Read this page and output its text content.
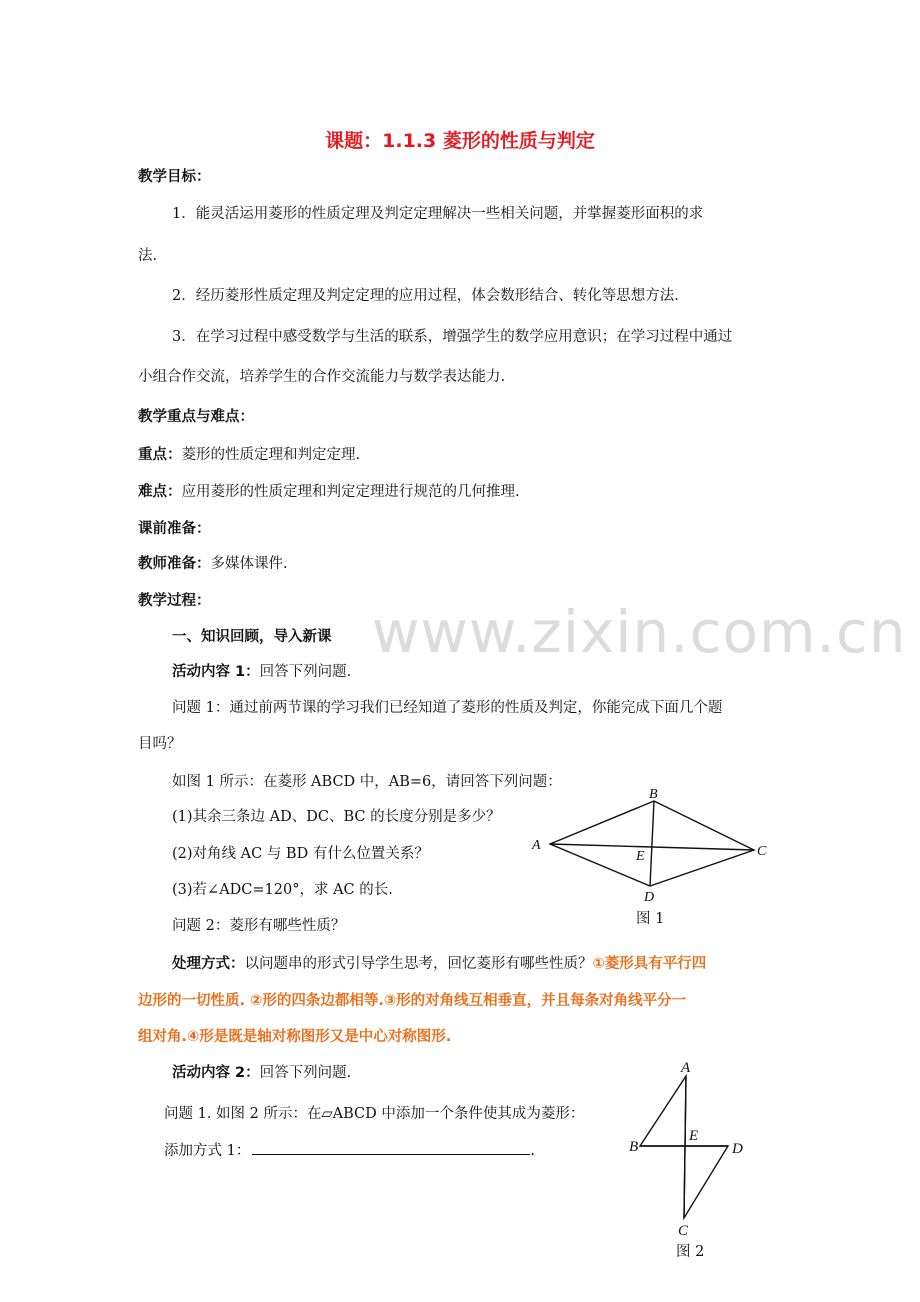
www.zixin.com.cn
课题：1.1.3 菱形的性质与判定
教学目标：
1．能灵活运用菱形的性质定理及判定定理解决一些相关问题，并掌握菱形面积的求
法.
2．经历菱形性质定理及判定定理的应用过程，体会数形结合、转化等思想方法.
3．在学习过程中感受数学与生活的联系，增强学生的数学应用意识；在学习过程中通过
小组合作交流，培养学生的合作交流能力与数学表达能力.
教学重点与难点：
重点：菱形的性质定理和判定定理.
难点：应用菱形的性质定理和判定定理进行规范的几何推理.
课前准备：
教师准备：多媒体课件.
教学过程：
一、知识回顾，导入新课
活动内容 1：回答下列问题.
问题 1：通过前两节课的学习我们已经知道了菱形的性质及判定，你能完成下面几个题
目吗？
如图 1 所示：在菱形 ABCD 中，AB=6，请回答下列问题：
(1)其余三条边 AD、DC、BC 的长度分别是多少？
(2)对角线 AC 与 BD 有什么位置关系？
(3)若∠ADC=120°，求 AC 的长.
问题 2：菱形有哪些性质？
处理方式：以问题串的形式引导学生思考，回忆菱形有哪些性质？①菱形具有平行四
边形的一切性质. ②形的四条边都相等.③形的对角线互相垂直，并且每条对角线平分一
组对角.④形是既是轴对称图形又是中心对称图形.
活动内容 2：回答下列问题.
问题 1. 如图 2 所示：在▱ABCD 中添加一个条件使其成为菱形：
添加方式 1：	.
A
B
C
D
E
图 1
A
B
C
D
E
图 2
